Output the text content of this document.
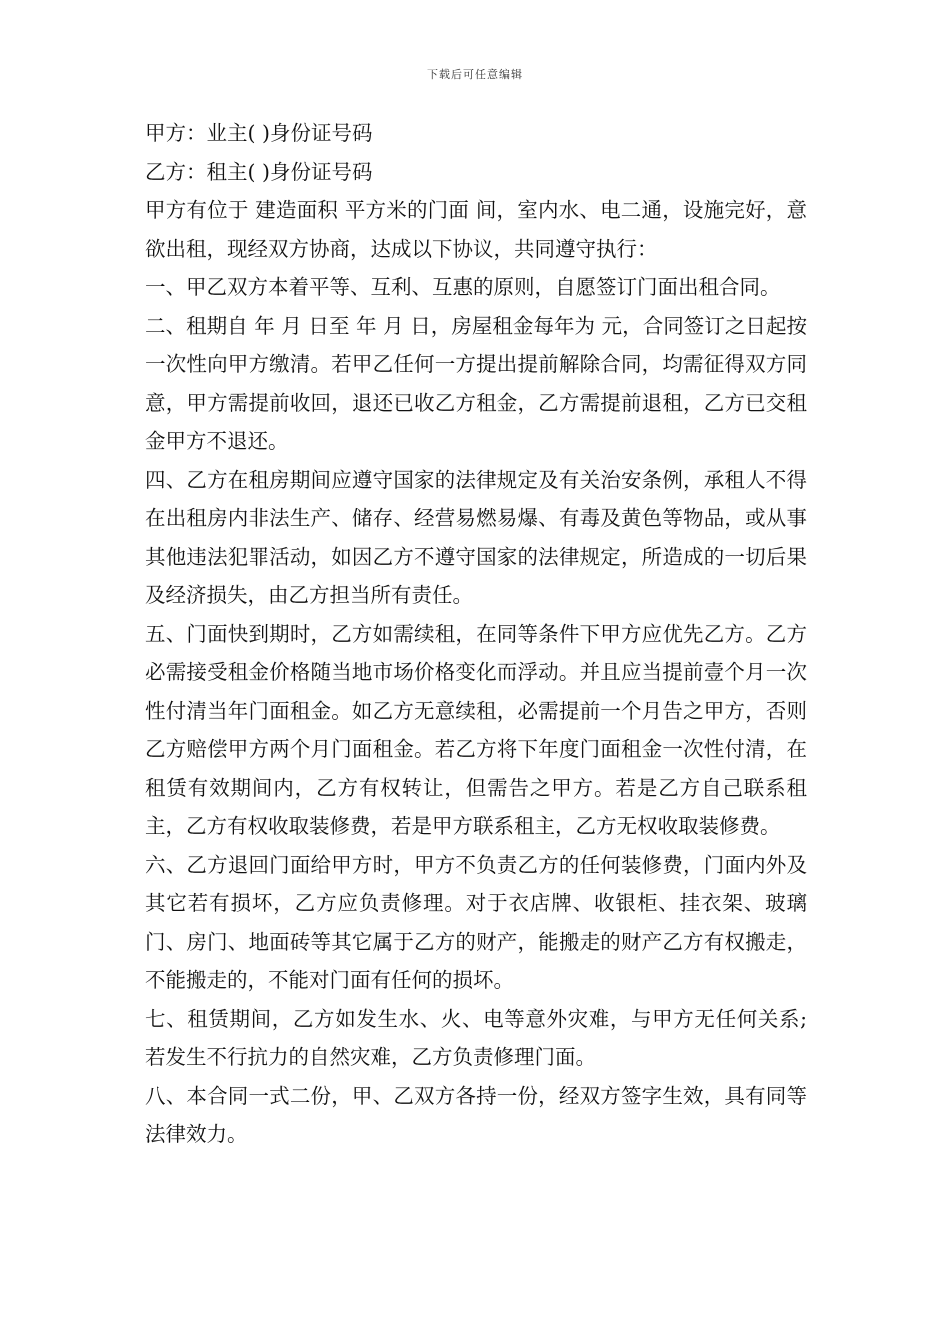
下载后可任意编辑

甲方：业主( )身份证号码

乙方：租主( )身份证号码

甲方有位于 建造面积 平方米的门面 间，室内水、电二通，设施完好，意欲出租，现经双方协商，达成以下协议，共同遵守执行：

一、甲乙双方本着平等、互利、互惠的原则，自愿签订门面出租合同。

二、租期自 年 月 日至 年 月 日，房屋租金每年为 元，合同签订之日起按 一次性向甲方缴清。若甲乙任何一方提出提前解除合同，均需征得双方同意，甲方需提前收回，退还已收乙方租金，乙方需提前退租，乙方已交租金甲方不退还。

四、乙方在租房期间应遵守国家的法律规定及有关治安条例，承租人不得在出租房内非法生产、储存、经营易燃易爆、有毒及黄色等物品，或从事其他违法犯罪活动，如因乙方不遵守国家的法律规定，所造成的一切后果及经济损失，由乙方担当所有责任。

五、门面快到期时，乙方如需续租，在同等条件下甲方应优先乙方。乙方必需接受租金价格随当地市场价格变化而浮动。并且应当提前壹个月一次性付清当年门面租金。如乙方无意续租，必需提前一个月告之甲方，否则乙方赔偿甲方两个月门面租金。若乙方将下年度门面租金一次性付清，在租赁有效期间内，乙方有权转让，但需告之甲方。若是乙方自己联系租主，乙方有权收取装修费，若是甲方联系租主，乙方无权收取装修费。

六、乙方退回门面给甲方时，甲方不负责乙方的任何装修费，门面内外及其它若有损坏，乙方应负责修理。对于衣店牌、收银柜、挂衣架、玻璃门、房门、地面砖等其它属于乙方的财产，能搬走的财产乙方有权搬走，不能搬走的，不能对门面有任何的损坏。

七、租赁期间，乙方如发生水、火、电等意外灾难，与甲方无任何关系;若发生不行抗力的自然灾难，乙方负责修理门面。

八、本合同一式二份，甲、乙双方各持一份，经双方签字生效，具有同等法律效力。
